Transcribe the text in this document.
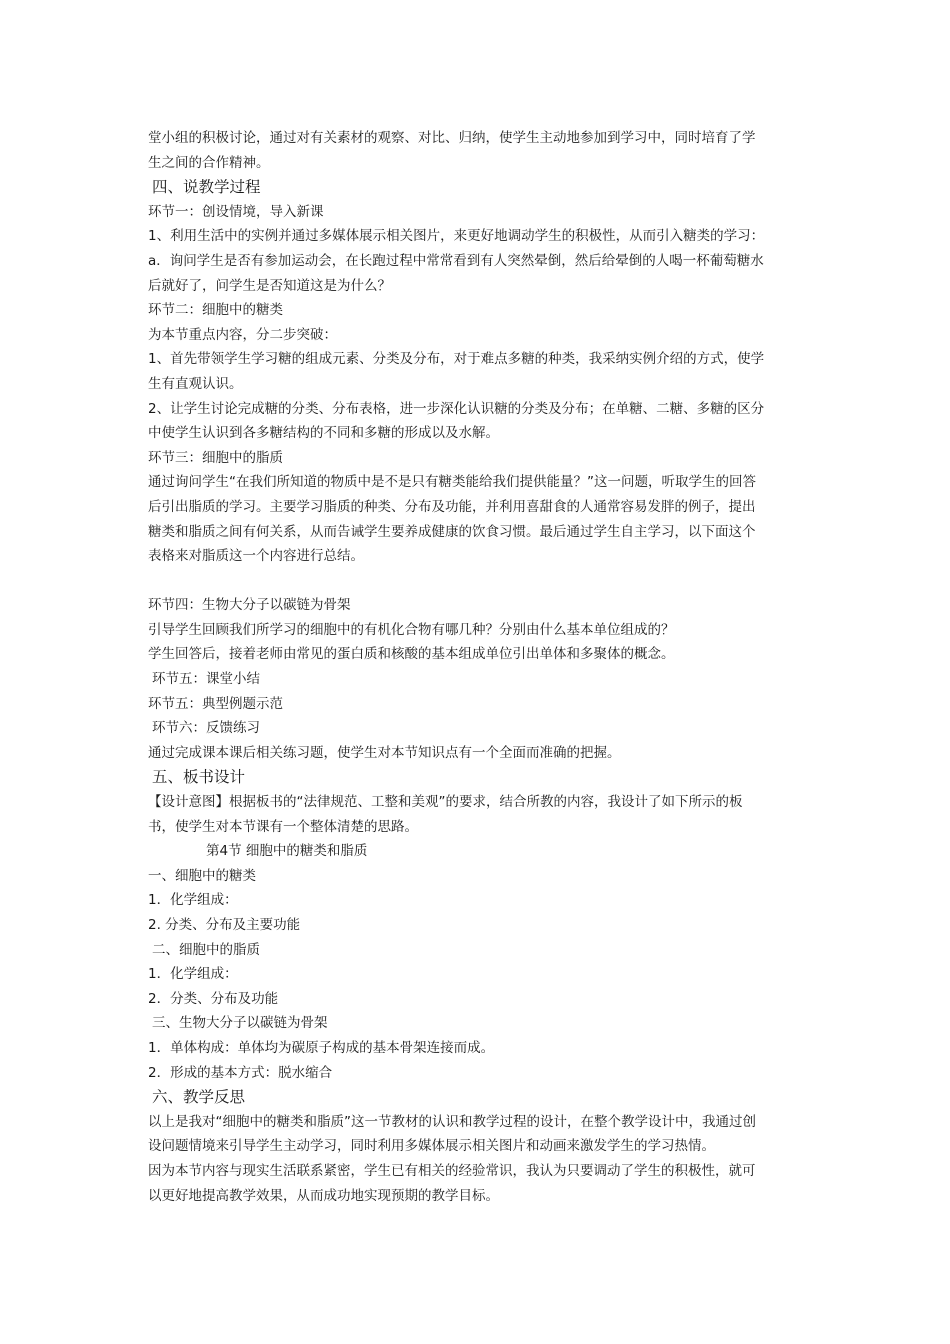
堂小组的积极讨论，通过对有关素材的观察、对比、归纳，使学生主动地参加到学习中，同时培育了学
生之间的合作精神。
四、说教学过程
环节一：创设情境，导入新课
1、利用生活中的实例并通过多媒体展示相关图片，来更好地调动学生的积极性，从而引入糖类的学习：
a．询问学生是否有参加运动会，在长跑过程中常常看到有人突然晕倒，然后给晕倒的人喝一杯葡萄糖水
后就好了，问学生是否知道这是为什么？
环节二：细胞中的糖类
为本节重点内容，分二步突破：
1、首先带领学生学习糖的组成元素、分类及分布，对于难点多糖的种类，我采纳实例介绍的方式，使学
生有直观认识。
2、让学生讨论完成糖的分类、分布表格，进一步深化认识糖的分类及分布；在单糖、二糖、多糖的区分
中使学生认识到各多糖结构的不同和多糖的形成以及水解。
环节三：细胞中的脂质
通过询问学生“在我们所知道的物质中是不是只有糖类能给我们提供能量？”这一问题，听取学生的回答
后引出脂质的学习。主要学习脂质的种类、分布及功能，并利用喜甜食的人通常容易发胖的例子，提出
糖类和脂质之间有何关系，从而告诫学生要养成健康的饮食习惯。最后通过学生自主学习，以下面这个
表格来对脂质这一个内容进行总结。
环节四：生物大分子以碳链为骨架
引导学生回顾我们所学习的细胞中的有机化合物有哪几种？分别由什么基本单位组成的？
学生回答后，接着老师由常见的蛋白质和核酸的基本组成单位引出单体和多聚体的概念。
环节五：课堂小结
环节五：典型例题示范
环节六：反馈练习
通过完成课本课后相关练习题，使学生对本节知识点有一个全面而准确的把握。
五、板书设计
【设计意图】根据板书的“法律规范、工整和美观”的要求，结合所教的内容，我设计了如下所示的板
书，使学生对本节课有一个整体清楚的思路。
第4节 细胞中的糖类和脂质
一、细胞中的糖类
1．化学组成：
2. 分类、分布及主要功能
二、细胞中的脂质
1．化学组成：
2．分类、分布及功能
三、生物大分子以碳链为骨架
1．单体构成：单体均为碳原子构成的基本骨架连接而成。
2．形成的基本方式：脱水缩合
六、教学反思
以上是我对“细胞中的糖类和脂质”这一节教材的认识和教学过程的设计，在整个教学设计中，我通过创
设问题情境来引导学生主动学习，同时利用多媒体展示相关图片和动画来激发学生的学习热情。
因为本节内容与现实生活联系紧密，学生已有相关的经验常识，我认为只要调动了学生的积极性，就可
以更好地提高教学效果，从而成功地实现预期的教学目标。
